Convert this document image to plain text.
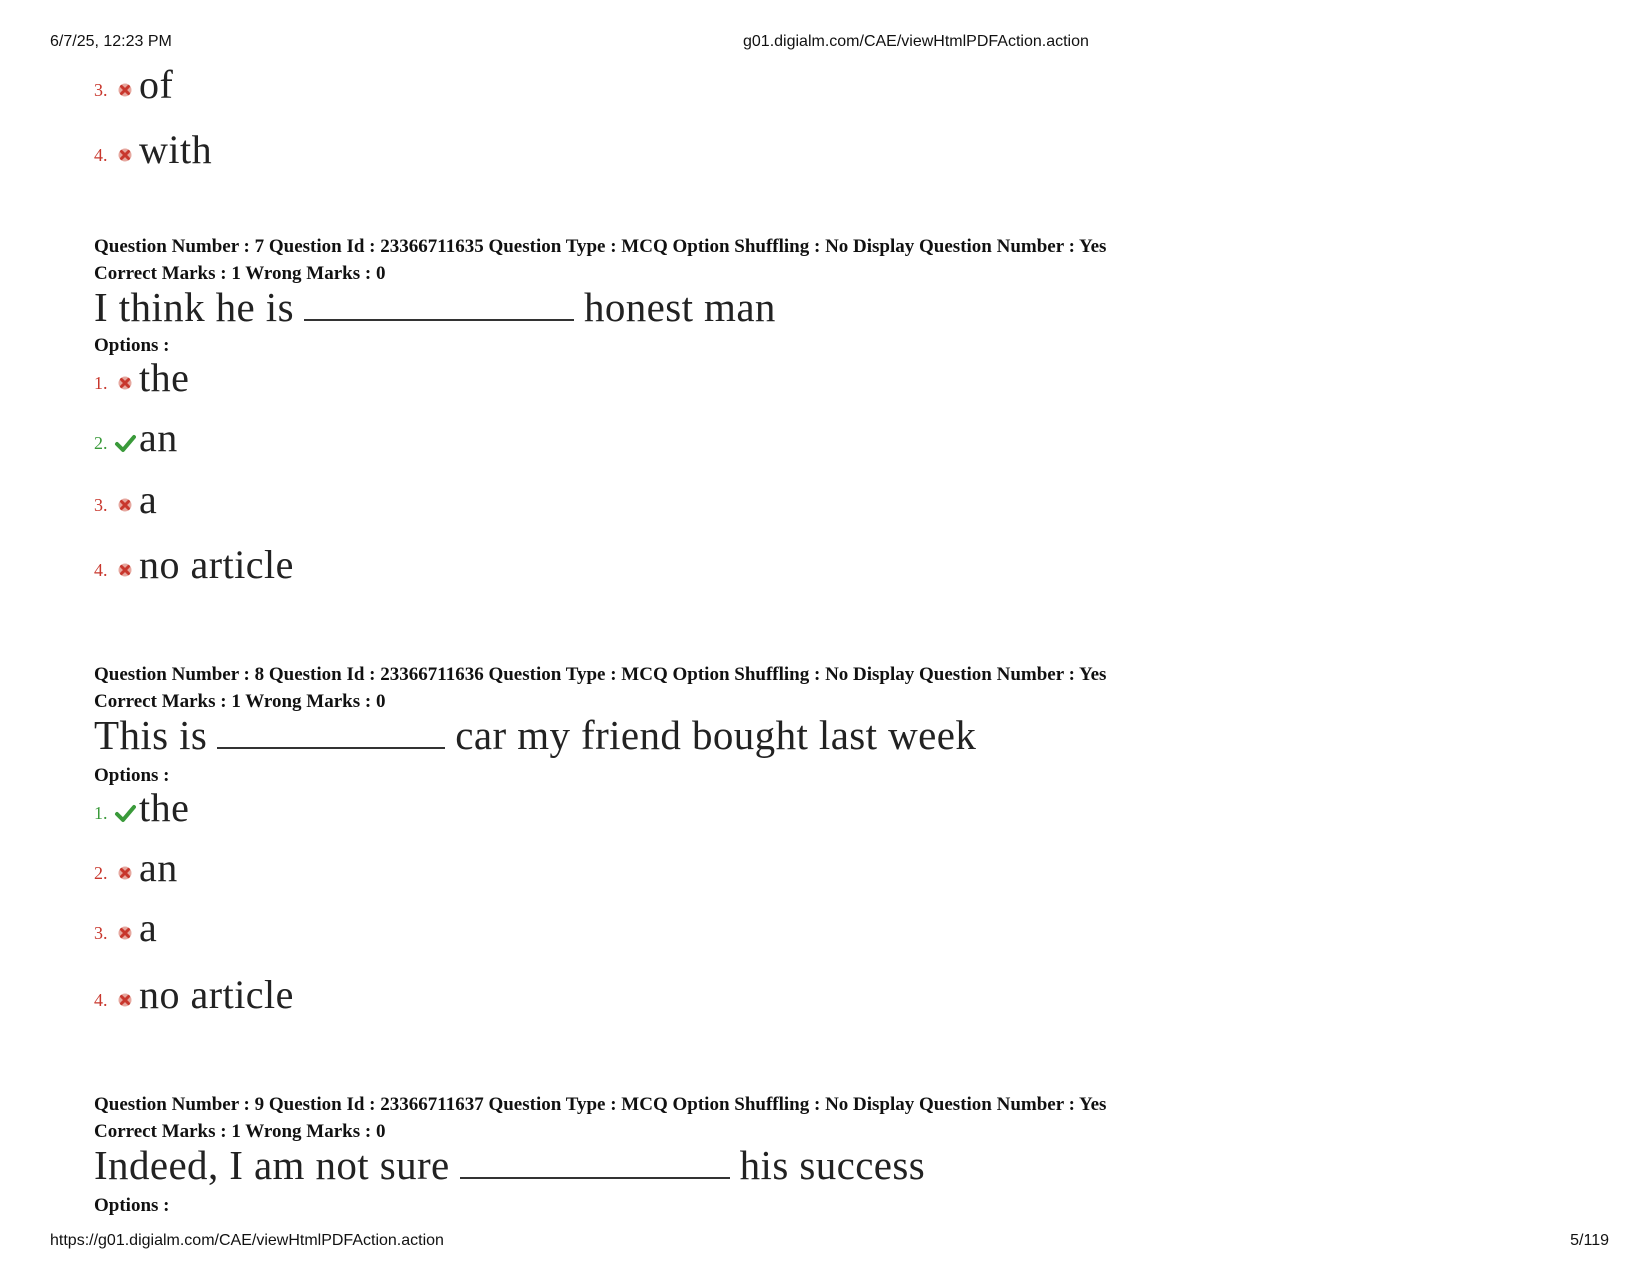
6/7/25, 12:23 PM	g01.digialm.com/CAE/viewHtmlPDFAction.action
https://g01.digialm.com/CAE/viewHtmlPDFAction.action	5/119
3. of
4. with
Question Number : 7 Question Id : 23366711635 Question Type : MCQ Option Shuffling : No Display Question Number : Yes
Correct Marks : 1 Wrong Marks : 0
I think he is	honest man
Options :
1. the
2. an
3. a
4. no article
Question Number : 8 Question Id : 23366711636 Question Type : MCQ Option Shuffling : No Display Question Number : Yes
Correct Marks : 1 Wrong Marks : 0
This is	car my friend bought last week
Options :
1. the
2. an
3. a
4. no article
Question Number : 9 Question Id : 23366711637 Question Type : MCQ Option Shuffling : No Display Question Number : Yes
Correct Marks : 1 Wrong Marks : 0
Indeed, I am not sure	his success
Options :
